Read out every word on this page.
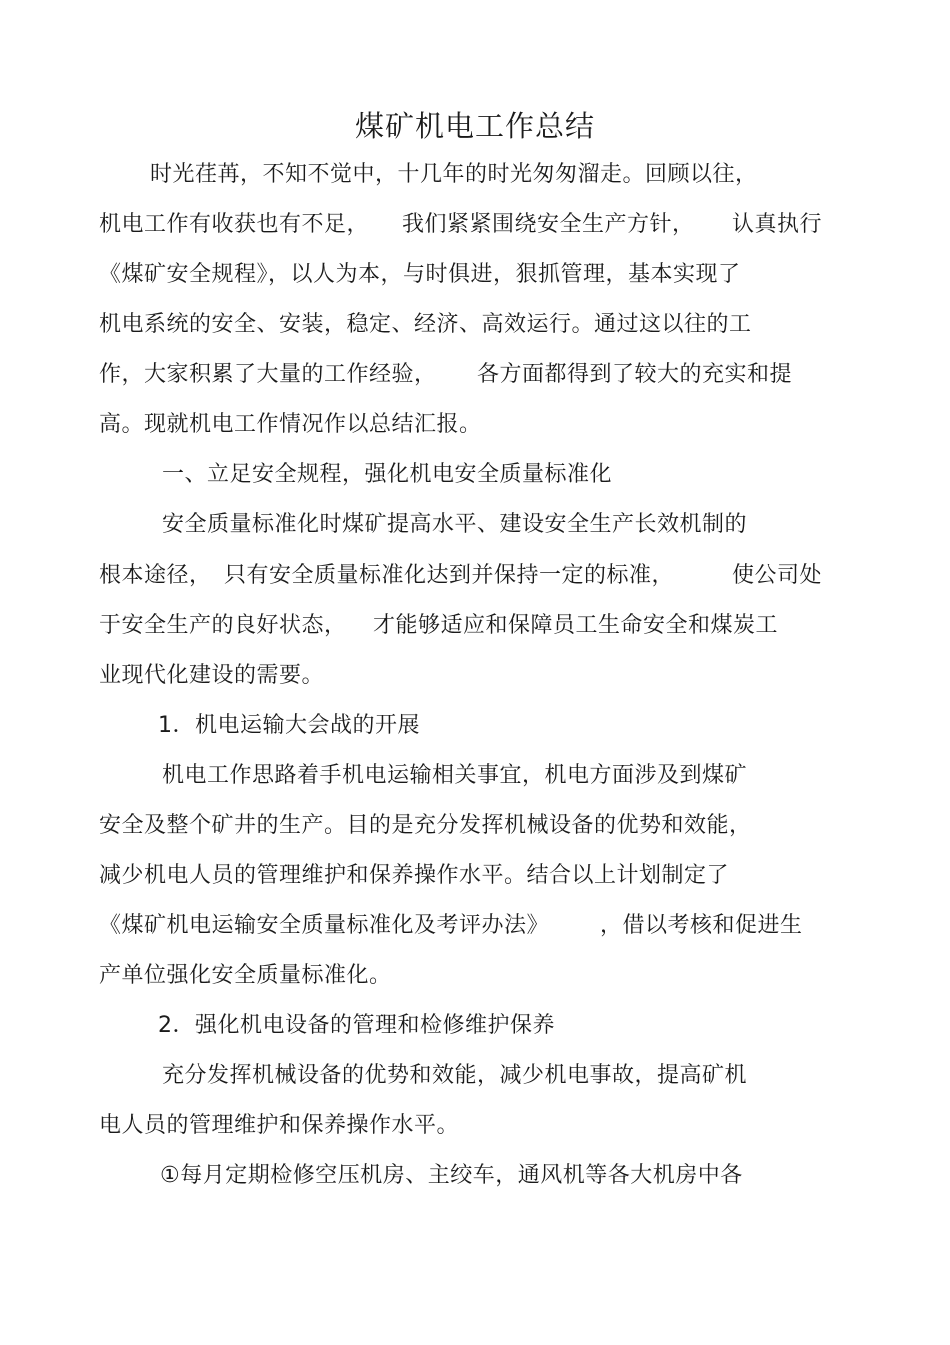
煤矿机电工作总结
时光荏苒，不知不觉中，十几年的时光匆匆溜走。回顾以往，
机电工作有收获也有不足， 我们紧紧围绕安全生产方针， 认真执行
《煤矿安全规程》，以人为本，与时俱进，狠抓管理，基本实现了
机电系统的安全、安装，稳定、经济、高效运行。通过这以往的工
作，大家积累了大量的工作经验， 各方面都得到了较大的充实和提
高。现就机电工作情况作以总结汇报。
一、立足安全规程，强化机电安全质量标准化
安全质量标准化时煤矿提高水平、建设安全生产长效机制的
根本途径， 只有安全质量标准化达到并保持一定的标准，	使公司处
于安全生产的良好状态， 才能够适应和保障员工生命安全和煤炭工
业现代化建设的需要。
1．机电运输大会战的开展
机电工作思路着手机电运输相关事宜，机电方面涉及到煤矿
安全及整个矿井的生产。目的是充分发挥机械设备的优势和效能，
减少机电人员的管理维护和保养操作水平。结合以上计划制定了
《煤矿机电运输安全质量标准化及考评办法》 ，借以考核和促进生
产单位强化安全质量标准化。
2．强化机电设备的管理和检修维护保养
充分发挥机械设备的优势和效能，减少机电事故，提高矿机
电人员的管理维护和保养操作水平。
①每月定期检修空压机房、主绞车，通风机等各大机房中各
